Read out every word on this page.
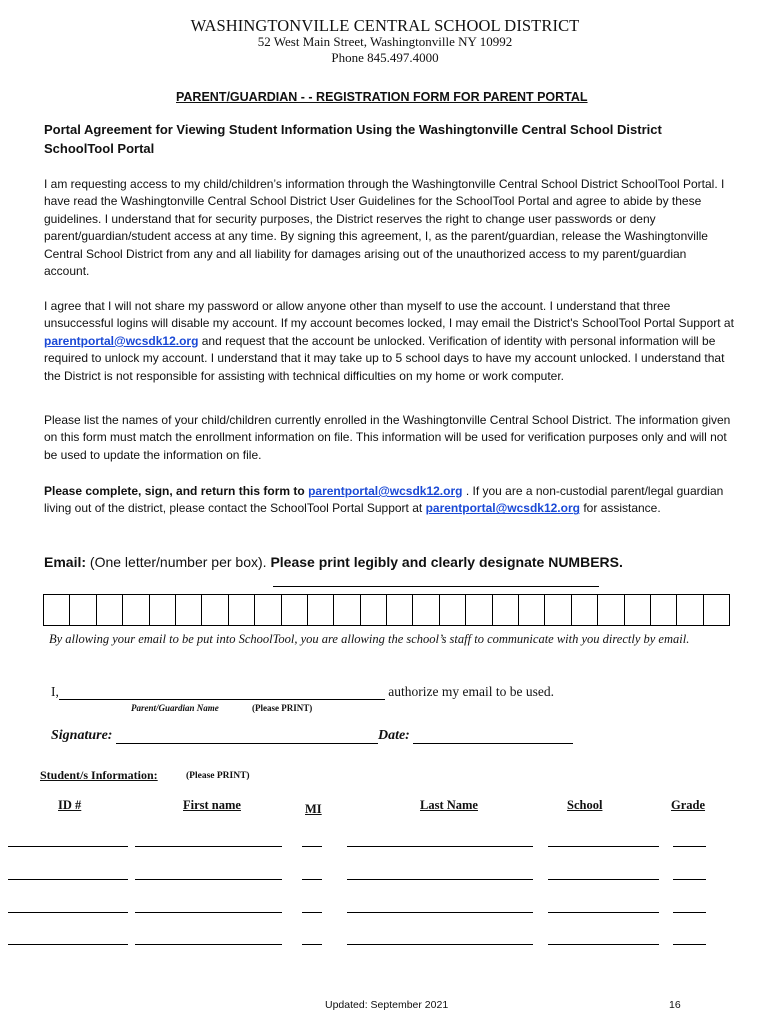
WASHINGTONVILLE CENTRAL SCHOOL DISTRICT
52 West Main Street, Washingtonville NY 10992
Phone 845.497.4000
PARENT/GUARDIAN - - REGISTRATION FORM FOR PARENT PORTAL
Portal Agreement for Viewing Student Information Using the Washingtonville Central School District SchoolTool Portal
I am requesting access to my child/children’s information through the Washingtonville Central School District SchoolTool Portal. I have read the Washingtonville Central School District User Guidelines for the SchoolTool Portal and agree to abide by these guidelines. I understand that for security purposes, the District reserves the right to change user passwords or deny parent/guardian/student access at any time. By signing this agreement, I, as the parent/guardian, release the Washingtonville Central School District from any and all liability for damages arising out of the unauthorized access to my parent/guardian account.
I agree that I will not share my password or allow anyone other than myself to use the account. I understand that three unsuccessful logins will disable my account. If my account becomes locked, I may email the District's SchoolTool Portal Support at parentportal@wcsdk12.org and request that the account be unlocked. Verification of identity with personal information will be required to unlock my account. I understand that it may take up to 5 school days to have my account unlocked. I understand that the District is not responsible for assisting with technical difficulties on my home or work computer.
Please list the names of your child/children currently enrolled in the Washingtonville Central School District. The information given on this form must match the enrollment information on file. This information will be used for verification purposes only and will not be used to update the information on file.
Please complete, sign, and return this form to parentportal@wcsdk12.org . If you are a non-custodial parent/legal guardian living out of the district, please contact the SchoolTool Portal Support at parentportal@wcsdk12.org for assistance.
Email: (One letter/number per box). Please print legibly and clearly designate NUMBERS.
By allowing your email to be put into SchoolTool, you are allowing the school’s staff to communicate with you directly by email.
I,	authorize my email to be used.
Parent/Guardian Name	(Please PRINT)
Signature:	Date:
Student/s Information:	(Please PRINT)
ID #	First name	MI	Last Name	School	Grade
Updated: September 2021	16
